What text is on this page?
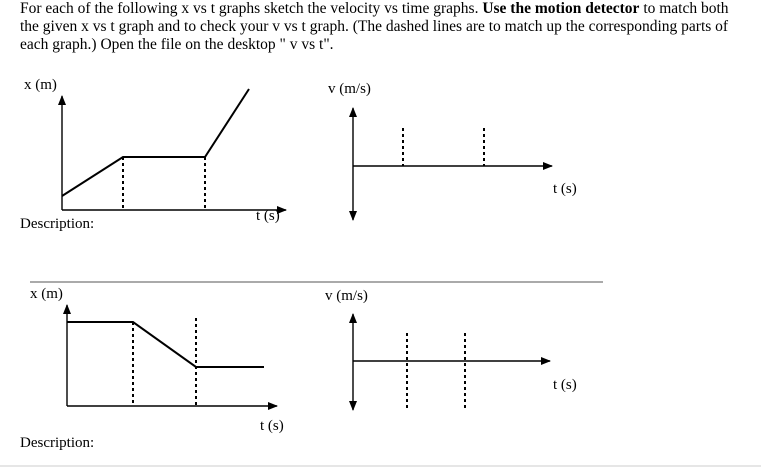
For each of the following x vs t graphs sketch the velocity vs time graphs. Use the motion detector to match both the given x vs t graph and to check your v vs t graph. (The dashed lines are to match up the corresponding parts of each graph.) Open the file on the desktop " v vs t".

x (m)
t (s)
v (m/s)
t (s)
Description:
x (m)
t (s)
v (m/s)
t (s)
Description:
